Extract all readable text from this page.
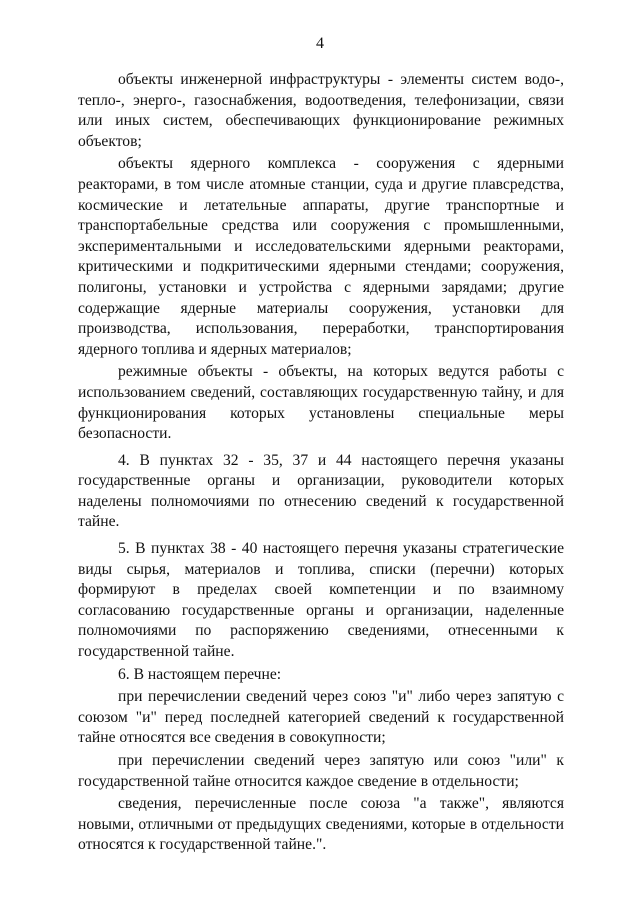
4

объекты инженерной инфраструктуры - элементы систем водо-, тепло-, энерго-, газоснабжения, водоотведения, телефонизации, связи или иных систем, обеспечивающих функционирование режимных объектов;

объекты ядерного комплекса - сооружения с ядерными реакторами, в том числе атомные станции, суда и другие плавсредства, космические и летательные аппараты, другие транспортные и транспортабельные средства или сооружения с промышленными, экспериментальными и исследовательскими ядерными реакторами, критическими и подкритическими ядерными стендами; сооружения, полигоны, установки и устройства с ядерными зарядами; другие содержащие ядерные материалы сооружения, установки для производства, использования, переработки, транспортирования ядерного топлива и ядерных материалов;

режимные объекты - объекты, на которых ведутся работы с использованием сведений, составляющих государственную тайну, и для функционирования которых установлены специальные меры безопасности.

4. В пунктах 32 - 35, 37 и 44 настоящего перечня указаны государственные органы и организации, руководители которых наделены полномочиями по отнесению сведений к государственной тайне.

5. В пунктах 38 - 40 настоящего перечня указаны стратегические виды сырья, материалов и топлива, списки (перечни) которых формируют в пределах своей компетенции и по взаимному согласованию государственные органы и организации, наделенные полномочиями по распоряжению сведениями, отнесенными к государственной тайне.

6. В настоящем перечне:

при перечислении сведений через союз "и" либо через запятую с союзом "и" перед последней категорией сведений к государственной тайне относятся все сведения в совокупности;

при перечислении сведений через запятую или союз "или" к государственной тайне относится каждое сведение в отдельности;

сведения, перечисленные после союза "а также", являются новыми, отличными от предыдущих сведениями, которые в отдельности относятся к государственной тайне.".
